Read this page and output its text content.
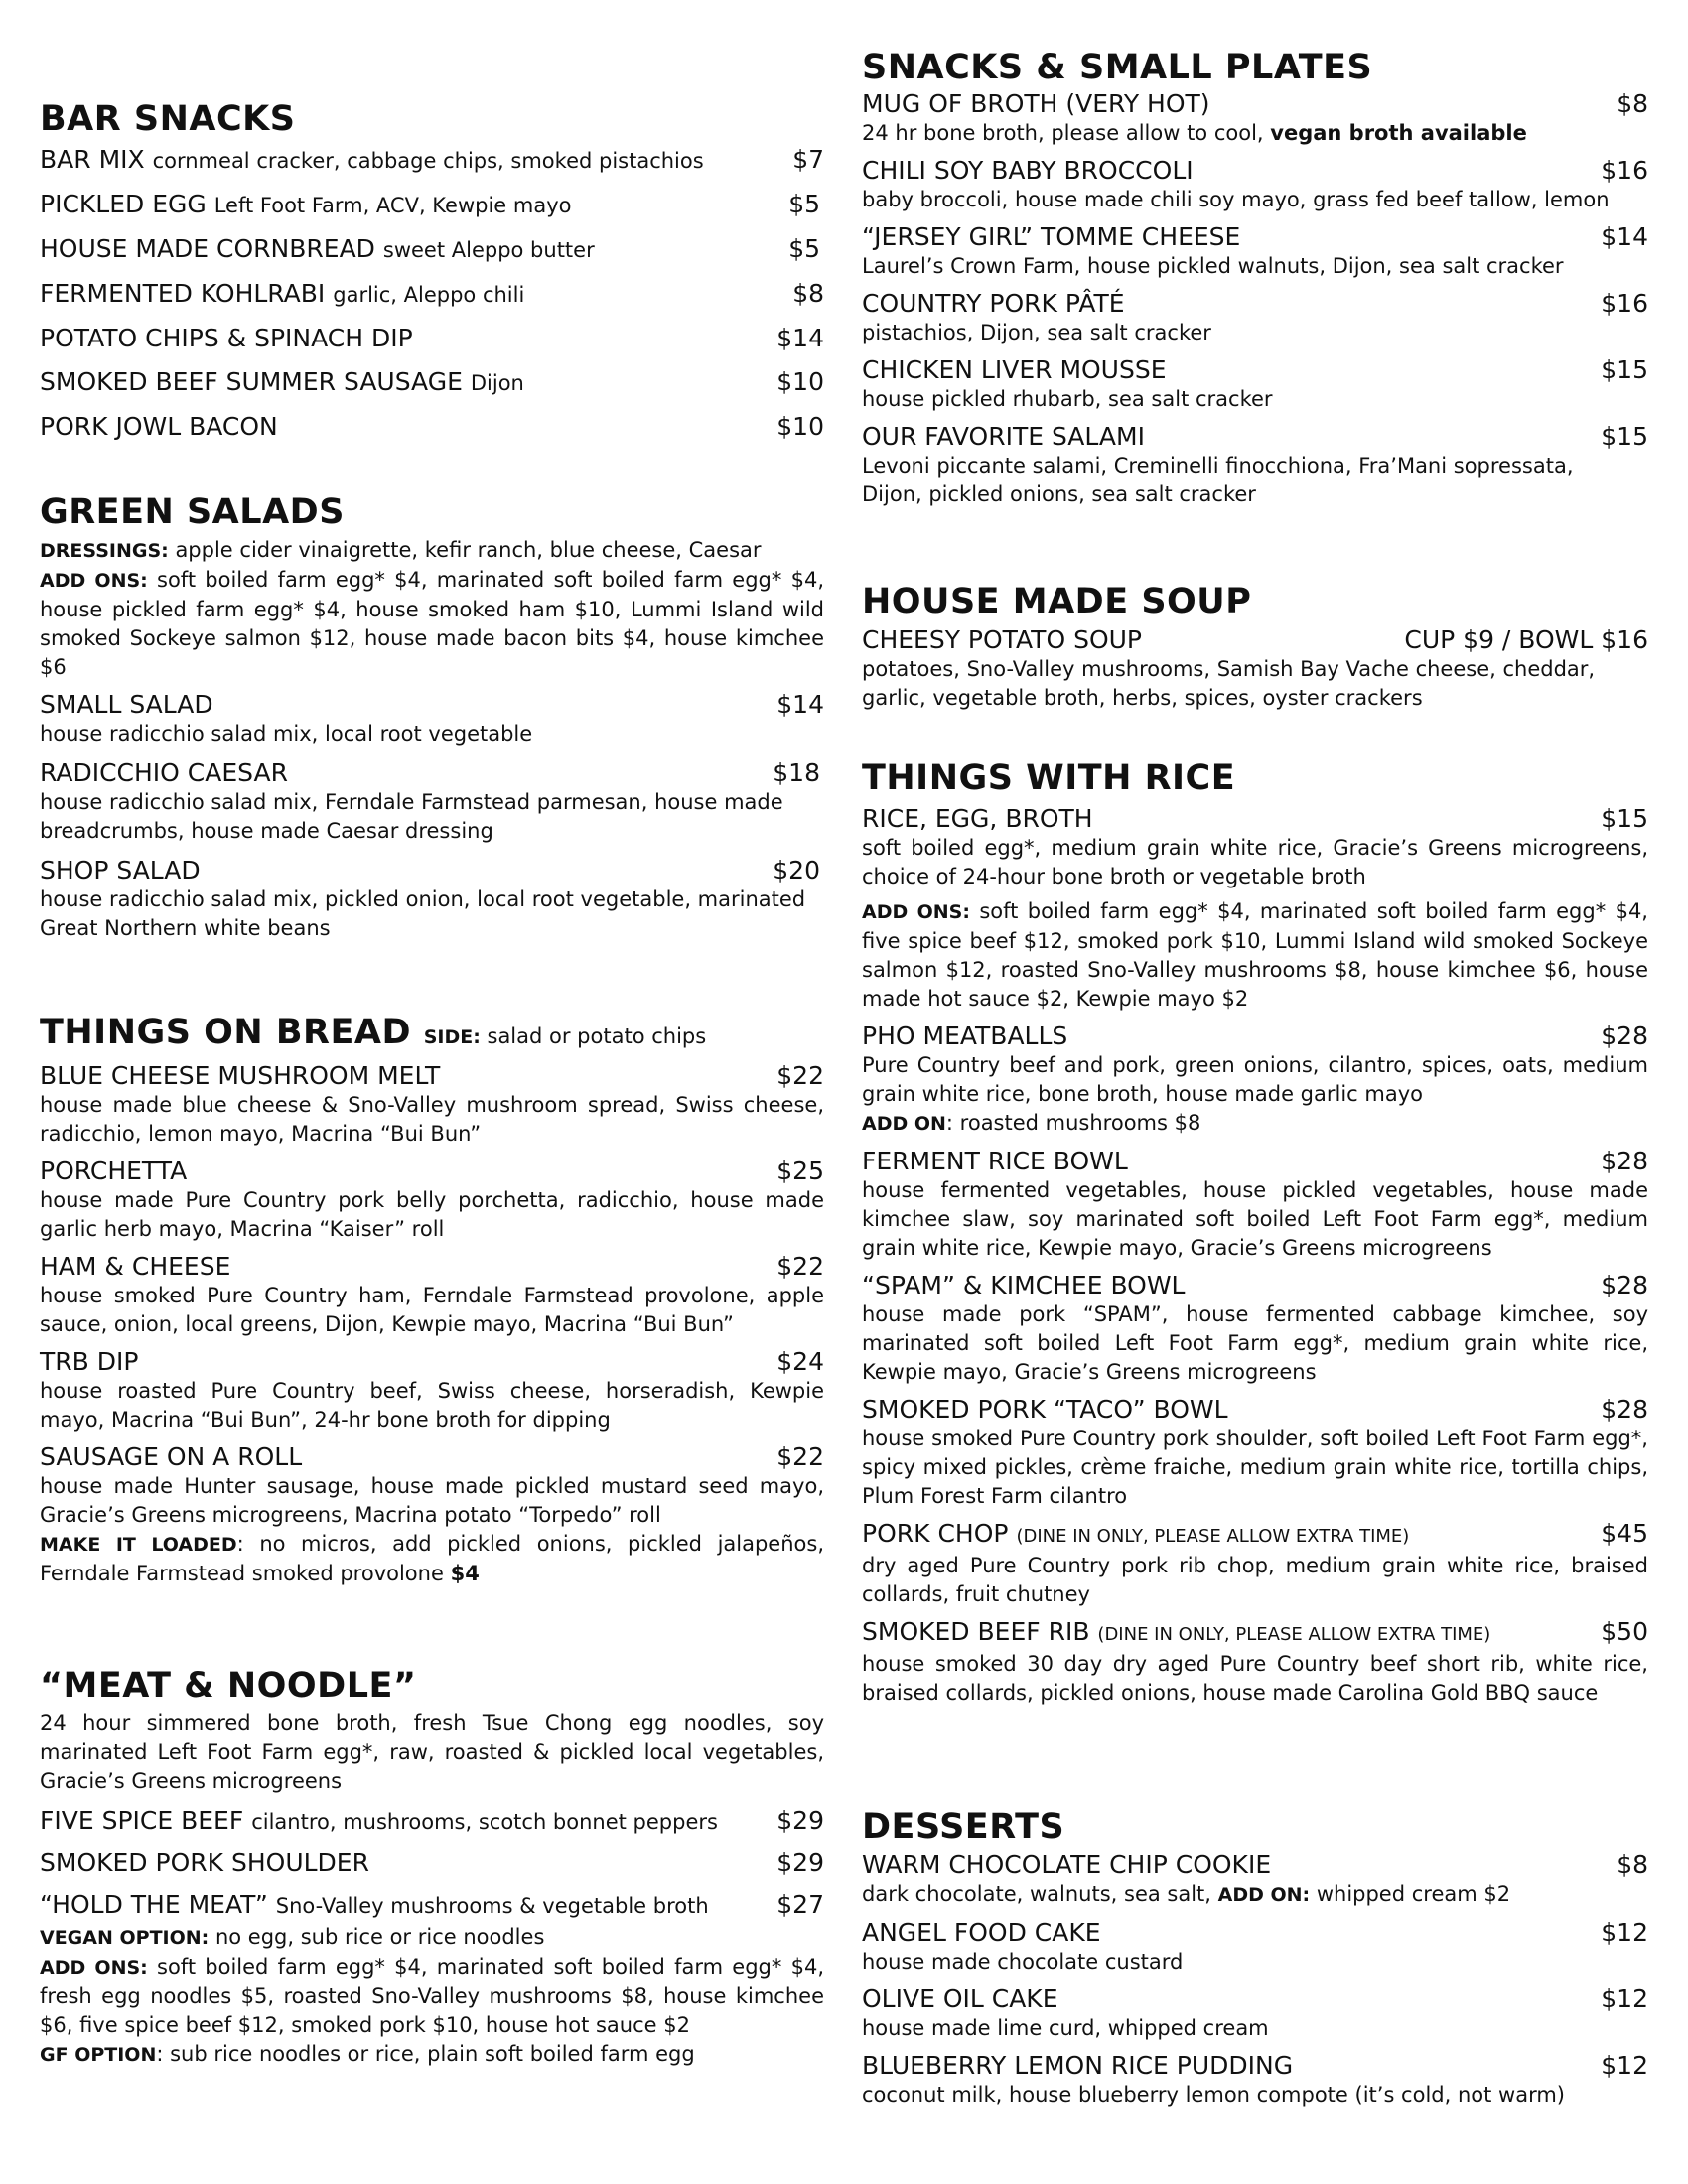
BAR SNACKS
BAR MIX cornmeal cracker, cabbage chips, smoked pistachios	$7
PICKLED EGG Left Foot Farm, ACV, Kewpie mayo	$5
HOUSE MADE CORNBREAD sweet Aleppo butter	$5
FERMENTED KOHLRABI garlic, Aleppo chili	$8
POTATO CHIPS & SPINACH DIP	$14
SMOKED BEEF SUMMER SAUSAGE Dijon	$10
PORK JOWL BACON	$10
GREEN SALADS
DRESSINGS: apple cider vinaigrette, kefir ranch, blue cheese, Caesar
ADD ONS: soft boiled farm egg* $4, marinated soft boiled farm egg* $4, house pickled farm egg* $4, house smoked ham $10, Lummi Island wild smoked Sockeye salmon $12, house made bacon bits $4, house kimchee $6
SMALL SALAD	$14
house radicchio salad mix, local root vegetable
RADICCHIO CAESAR	$18
house radicchio salad mix, Ferndale Farmstead parmesan, house made
breadcrumbs, house made Caesar dressing
SHOP SALAD	$20
house radicchio salad mix, pickled onion, local root vegetable, marinated
Great Northern white beans
THINGS ON BREAD SIDE: salad or potato chips
BLUE CHEESE MUSHROOM MELT	$22
house made blue cheese & Sno-Valley mushroom spread, Swiss cheese, radicchio, lemon mayo, Macrina “Bui Bun”
PORCHETTA	$25
house made Pure Country pork belly porchetta, radicchio, house made garlic herb mayo, Macrina “Kaiser” roll
HAM & CHEESE	$22
house smoked Pure Country ham, Ferndale Farmstead provolone, apple sauce, onion, local greens, Dijon, Kewpie mayo, Macrina “Bui Bun”
TRB DIP	$24
house roasted Pure Country beef, Swiss cheese, horseradish, Kewpie mayo, Macrina “Bui Bun”, 24-hr bone broth for dipping
SAUSAGE ON A ROLL	$22
house made Hunter sausage, house made pickled mustard seed mayo, Gracie’s Greens microgreens, Macrina potato “Torpedo” roll
MAKE IT LOADED: no micros, add pickled onions, pickled jalapeños, Ferndale Farmstead smoked provolone $4
“MEAT & NOODLE”
24 hour simmered bone broth, fresh Tsue Chong egg noodles, soy marinated Left Foot Farm egg*, raw, roasted & pickled local vegetables, Gracie’s Greens microgreens
FIVE SPICE BEEF cilantro, mushrooms, scotch bonnet peppers $29
SMOKED PORK SHOULDER	$29
“HOLD THE MEAT” Sno-Valley mushrooms & vegetable broth	$27
VEGAN OPTION: no egg, sub rice or rice noodles
ADD ONS: soft boiled farm egg* $4, marinated soft boiled farm egg* $4, fresh egg noodles $5, roasted Sno-Valley mushrooms $8, house kimchee $6, five spice beef $12, smoked pork $10, house hot sauce $2
GF OPTION: sub rice noodles or rice, plain soft boiled farm egg
SNACKS & SMALL PLATES
MUG OF BROTH (VERY HOT)	$8
24 hr bone broth, please allow to cool, vegan broth available
CHILI SOY BABY BROCCOLI	$16
baby broccoli, house made chili soy mayo, grass fed beef tallow, lemon
“JERSEY GIRL” TOMME CHEESE	$14
Laurel’s Crown Farm, house pickled walnuts, Dijon, sea salt cracker
COUNTRY PORK PÂTÉ	$16
pistachios, Dijon, sea salt cracker
CHICKEN LIVER MOUSSE	$15
house pickled rhubarb, sea salt cracker
OUR FAVORITE SALAMI	$15
Levoni piccante salami, Creminelli finocchiona, Fra’Mani sopressata,
Dijon, pickled onions, sea salt cracker
HOUSE MADE SOUP
CHEESY POTATO SOUP	CUP $9 / BOWL $16
potatoes, Sno-Valley mushrooms, Samish Bay Vache cheese, cheddar,
garlic, vegetable broth, herbs, spices, oyster crackers
THINGS WITH RICE
RICE, EGG, BROTH	$15
soft boiled egg*, medium grain white rice, Gracie’s Greens microgreens, choice of 24-hour bone broth or vegetable broth
ADD ONS: soft boiled farm egg* $4, marinated soft boiled farm egg* $4, five spice beef $12, smoked pork $10, Lummi Island wild smoked Sockeye salmon $12, roasted Sno-Valley mushrooms $8, house kimchee $6, house made hot sauce $2, Kewpie mayo $2
PHO MEATBALLS	$28
Pure Country beef and pork, green onions, cilantro, spices, oats, medium grain white rice, bone broth, house made garlic mayo
ADD ON: roasted mushrooms $8
FERMENT RICE BOWL	$28
house fermented vegetables, house pickled vegetables, house made kimchee slaw, soy marinated soft boiled Left Foot Farm egg*, medium grain white rice, Kewpie mayo, Gracie’s Greens microgreens
“SPAM” & KIMCHEE BOWL	$28
house made pork “SPAM”, house fermented cabbage kimchee, soy marinated soft boiled Left Foot Farm egg*, medium grain white rice, Kewpie mayo, Gracie’s Greens microgreens
SMOKED PORK “TACO” BOWL	$28
house smoked Pure Country pork shoulder, soft boiled Left Foot Farm egg*, spicy mixed pickles, crème fraiche, medium grain white rice, tortilla chips, Plum Forest Farm cilantro
PORK CHOP (DINE IN ONLY, PLEASE ALLOW EXTRA TIME)	$45
dry aged Pure Country pork rib chop, medium grain white rice, braised collards, fruit chutney
SMOKED BEEF RIB (DINE IN ONLY, PLEASE ALLOW EXTRA TIME)	$50
house smoked 30 day dry aged Pure Country beef short rib, white rice, braised collards, pickled onions, house made Carolina Gold BBQ sauce
DESSERTS
WARM CHOCOLATE CHIP COOKIE	$8
dark chocolate, walnuts, sea salt, ADD ON: whipped cream $2
ANGEL FOOD CAKE	$12
house made chocolate custard
OLIVE OIL CAKE	$12
house made lime curd, whipped cream
BLUEBERRY LEMON RICE PUDDING	$12
coconut milk, house blueberry lemon compote (it’s cold, not warm)
